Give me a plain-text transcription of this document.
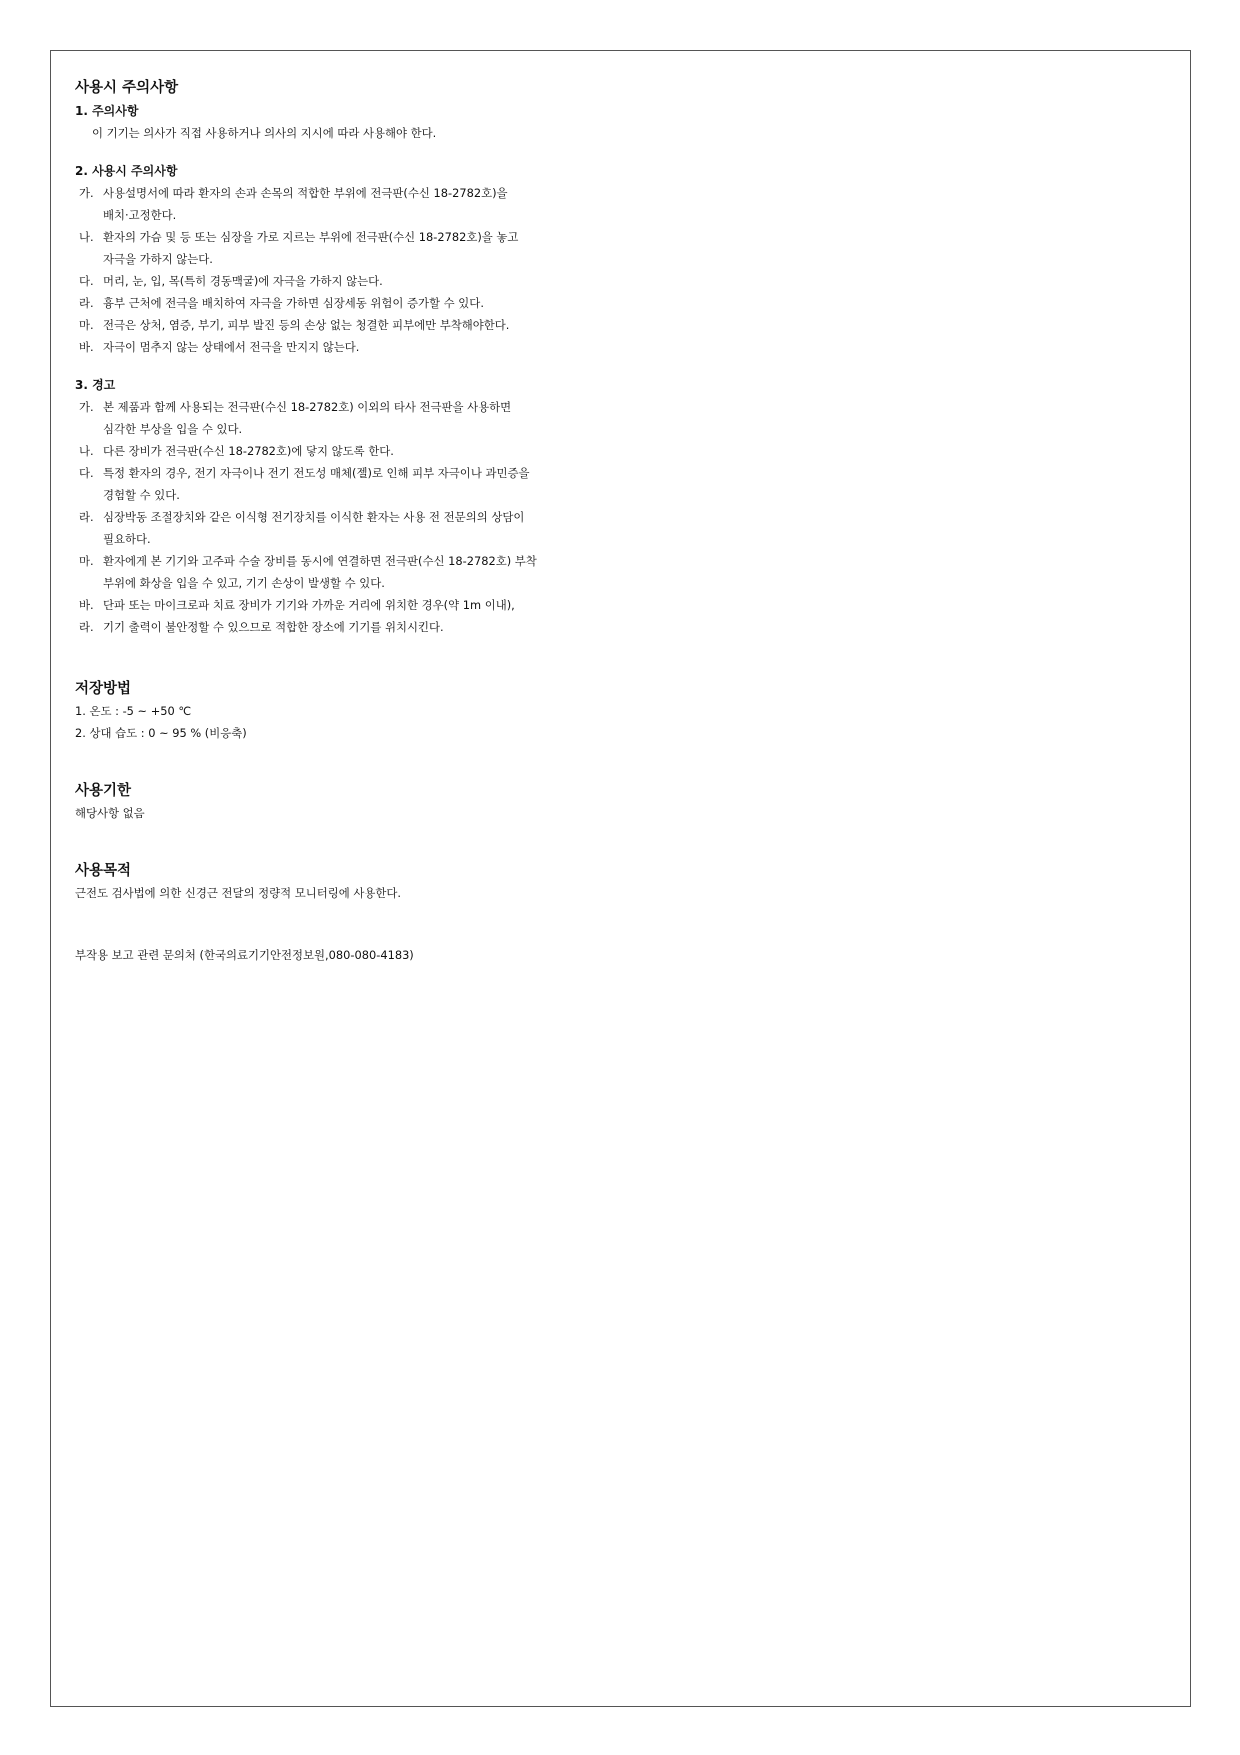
사용시 주의사항
1. 주의사항

이 기기는 의사가 직접 사용하거나 의사의 지시에 따라 사용해야 한다.

2. 사용시 주의사항

가. 사용설명서에 따라 환자의 손과 손목의 적합한 부위에 전극판(수신 18-2782호)을

배치·고정한다.

나. 환자의 가슴 및 등 또는 심장을 가로 지르는 부위에 전극판(수신 18-2782호)을 놓고

자극을 가하지 않는다.

다. 머리, 눈, 입, 목(특히 경동맥굴)에 자극을 가하지 않는다.

라. 흉부 근처에 전극을 배치하여 자극을 가하면 심장세동 위험이 증가할 수 있다.

마. 전극은 상처, 염증, 부기, 피부 발진 등의 손상 없는 청결한 피부에만 부착해야한다.

바. 자극이 멈추지 않는 상태에서 전극을 만지지 않는다.

3. 경고

가. 본 제품과 함께 사용되는 전극판(수신 18-2782호) 이외의 타사 전극판을 사용하면

심각한 부상을 입을 수 있다.

나. 다른 장비가 전극판(수신 18-2782호)에 닿지 않도록 한다.

다. 특정 환자의 경우, 전기 자극이나 전기 전도성 매체(젤)로 인해 피부 자극이나 과민증을

경험할 수 있다.

라. 심장박동 조절장치와 같은 이식형 전기장치를 이식한 환자는 사용 전 전문의의 상담이

필요하다.

마. 환자에게 본 기기와 고주파 수술 장비를 동시에 연결하면 전극판(수신 18-2782호) 부착

부위에 화상을 입을 수 있고, 기기 손상이 발생할 수 있다.

바. 단파 또는 마이크로파 치료 장비가 기기와 가까운 거리에 위치한 경우(약 1m 이내),

라. 기기 출력이 불안정할 수 있으므로 적합한 장소에 기기를 위치시킨다.

저장방법

1. 온도 : -5 ~ +50 ℃

2. 상대 습도 : 0 ~ 95 % (비응축)

사용기한

해당사항 없음

사용목적

근전도 검사법에 의한 신경근 전달의 정량적 모니터링에 사용한다.

부작용 보고 관련 문의처 (한국의료기기안전정보원,080-080-4183)
